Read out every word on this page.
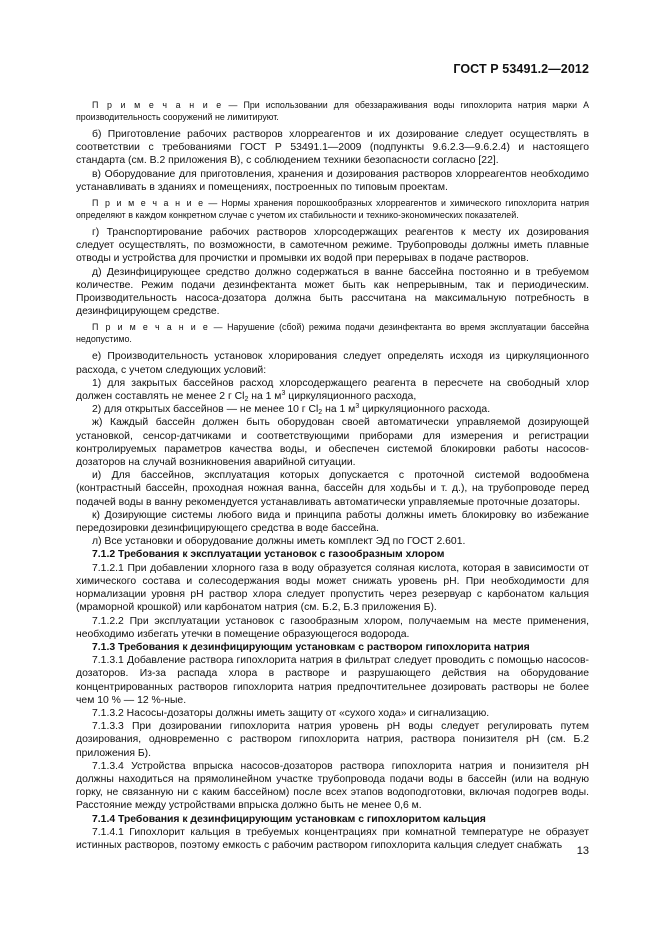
ГОСТ Р 53491.2—2012

П р и м е ч а н и е — При использовании для обеззараживания воды гипохлорита натрия марки А производительность сооружений не лимитируют.

б) Приготовление рабочих растворов хлорреагентов и их дозирование следует осуществлять в соответствии с требованиями ГОСТ Р 53491.1—2009 (подпункты 9.6.2.3—9.6.2.4) и настоящего стандарта (см. В.2 приложения В), с соблюдением техники безопасности согласно [22].

в) Оборудование для приготовления, хранения и дозирования растворов хлорреагентов необходимо устанавливать в зданиях и помещениях, построенных по типовым проектам.

П р и м е ч а н и е — Нормы хранения порошкообразных хлорреагентов и химического гипохлорита натрия определяют в каждом конкретном случае с учетом их стабильности и технико-экономических показателей.

г) Транспортирование рабочих растворов хлорсодержащих реагентов к месту их дозирования следует осуществлять, по возможности, в самотечном режиме. Трубопроводы должны иметь плавные отводы и устройства для прочистки и промывки их водой при перерывах в подаче растворов.

д) Дезинфицирующее средство должно содержаться в ванне бассейна постоянно и в требуемом количестве. Режим подачи дезинфектанта может быть как непрерывным, так и периодическим. Производительность насоса-дозатора должна быть рассчитана на максимальную потребность в дезинфицирующем средстве.

П р и м е ч а н и е — Нарушение (сбой) режима подачи дезинфектанта во время эксплуатации бассейна недопустимо.

е) Производительность установок хлорирования следует определять исходя из циркуляционного расхода, с учетом следующих условий:

1) для закрытых бассейнов расход хлорсодержащего реагента в пересчете на свободный хлор должен составлять не менее 2 г $Cl_2$ на 1 $м^3$ циркуляционного расхода,

2) для открытых бассейнов — не менее 10 г $Cl_2$ на 1 $м^3$ циркуляционного расхода.

ж) Каждый бассейн должен быть оборудован своей автоматически управляемой дозирующей установкой, сенсор-датчиками и соответствующими приборами для измерения и регистрации контролируемых параметров качества воды, и обеспечен системой блокировки работы насосов-дозаторов на случай возникновения аварийной ситуации.

и) Для бассейнов, эксплуатация которых допускается с проточной системой водообмена (контрастный бассейн, проходная ножная ванна, бассейн для ходьбы и т. д.), на трубопроводе перед подачей воды в ванну рекомендуется устанавливать автоматически управляемые проточные дозаторы.

к) Дозирующие системы любого вида и принципа работы должны иметь блокировку во избежание передозировки дезинфицирующего средства в воде бассейна.

л) Все установки и оборудование должны иметь комплект ЭД по ГОСТ 2.601.

7.1.2 Требования к эксплуатации установок с газообразным хлором

7.1.2.1 При добавлении хлорного газа в воду образуется соляная кислота, которая в зависимости от химического состава и солесодержания воды может снижать уровень pH. При необходимости для нормализации уровня pH раствор хлора следует пропустить через резервуар с карбонатом кальция (мраморной крошкой) или карбонатом натрия (см. Б.2, Б.3 приложения Б).

7.1.2.2 При эксплуатации установок с газообразным хлором, получаемым на месте применения, необходимо избегать утечки в помещение образующегося водорода.

7.1.3 Требования к дезинфицирующим установкам с раствором гипохлорита натрия

7.1.3.1 Добавление раствора гипохлорита натрия в фильтрат следует проводить с помощью насосов-дозаторов. Из-за распада хлора в растворе и разрушающего действия на оборудование концентрированных растворов гипохлорита натрия предпочтительнее дозировать растворы не более чем 10 % — 12 %-ные.

7.1.3.2 Насосы-дозаторы должны иметь защиту от «сухого хода» и сигнализацию.

7.1.3.3 При дозировании гипохлорита натрия уровень pH воды следует регулировать путем дозирования, одновременно с раствором гипохлорита натрия, раствора понизителя pH (см. Б.2 приложения Б).

7.1.3.4 Устройства впрыска насосов-дозаторов раствора гипохлорита натрия и понизителя pH должны находиться на прямолинейном участке трубопровода подачи воды в бассейн (или на водную горку, не связанную ни с каким бассейном) после всех этапов водоподготовки, включая подогрев воды. Расстояние между устройствами впрыска должно быть не менее 0,6 м.

7.1.4 Требования к дезинфицирующим установкам с гипохлоритом кальция

7.1.4.1 Гипохлорит кальция в требуемых концентрациях при комнатной температуре не образует истинных растворов, поэтому емкость с рабочим раствором гипохлорита кальция следует снабжать	13
